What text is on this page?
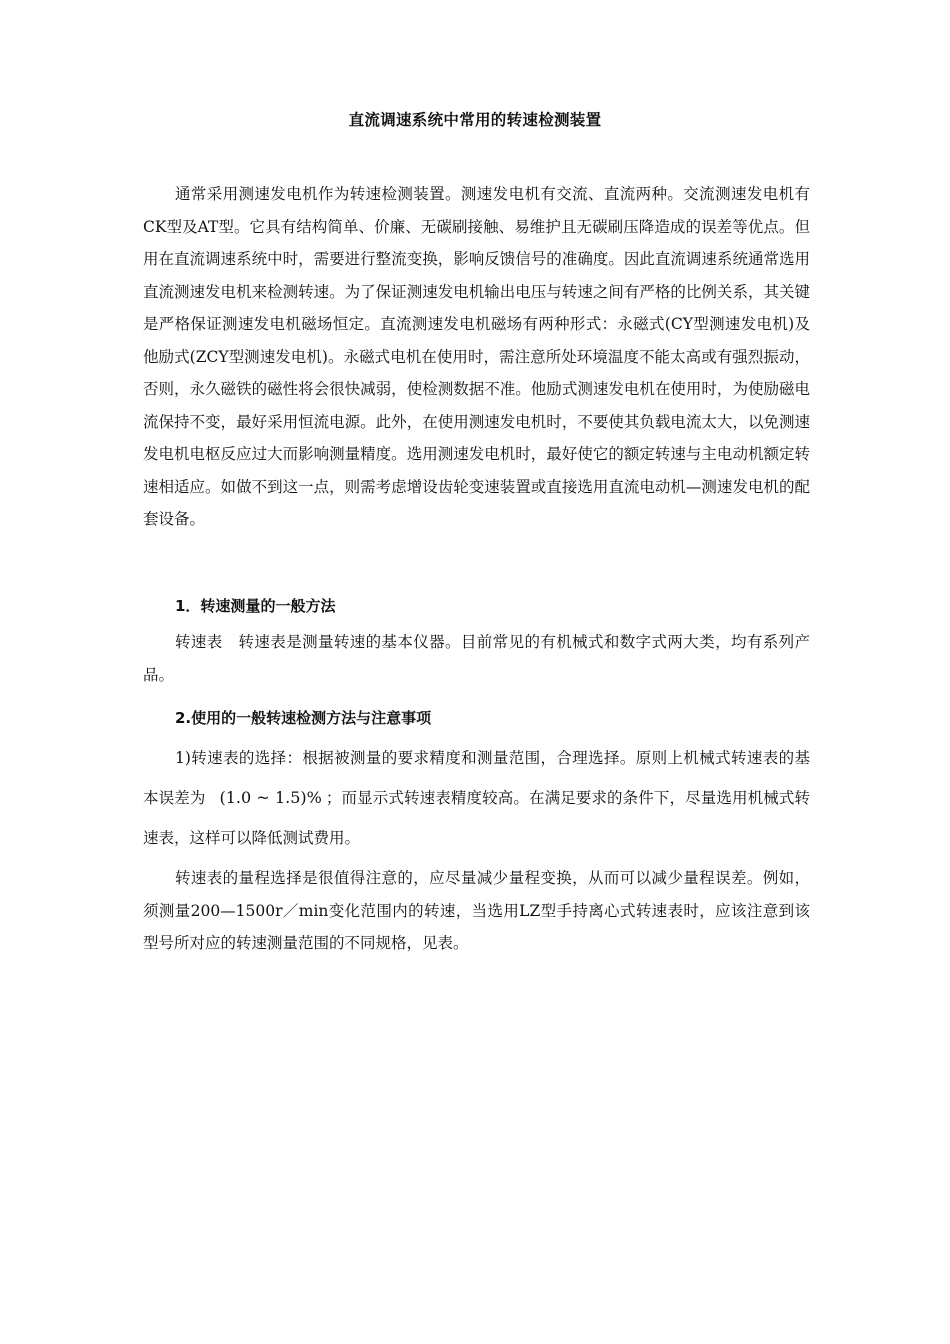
直流调速系统中常用的转速检测装置
通常采用测速发电机作为转速检测装置。测速发电机有交流、直流两种。交流测速发电机有CK型及AT型。它具有结构简单、价廉、无碳刷接触、易维护且无碳刷压降造成的误差等优点。但用在直流调速系统中时，需要进行整流变换，影响反馈信号的准确度。因此直流调速系统通常选用直流测速发电机来检测转速。为了保证测速发电机输出电压与转速之间有严格的比例关系，其关键是严格保证测速发电机磁场恒定。直流测速发电机磁场有两种形式：永磁式(CY型测速发电机)及他励式(ZCY型测速发电机)。永磁式电机在使用时，需注意所处环境温度不能太高或有强烈振动，否则，永久磁铁的磁性将会很快减弱，使检测数据不准。他励式测速发电机在使用时，为使励磁电流保持不变，最好采用恒流电源。此外，在使用测速发电机时，不要使其负载电流太大，以免测速发电机电枢反应过大而影响测量精度。选用测速发电机时，最好使它的额定转速与主电动机额定转速相适应。如做不到这一点，则需考虑增设齿轮变速装置或直接选用直流电动机—测速发电机的配套设备。
1．转速测量的一般方法
转速表　转速表是测量转速的基本仪器。目前常见的有机械式和数字式两大类，均有系列产品。
2.使用的一般转速检测方法与注意事项
1)转速表的选择：根据被测量的要求精度和测量范围，合理选择。原则上机械式转速表的基本误差为 (1.0 ~ 1.5)% ；而显示式转速表精度较高。在满足要求的条件下，尽量选用机械式转速表，这样可以降低测试费用。
转速表的量程选择是很值得注意的，应尽量减少量程变换，从而可以减少量程误差。例如，须测量200—1500r／min变化范围内的转速，当选用LZ型手持离心式转速表时，应该注意到该型号所对应的转速测量范围的不同规格，见表。
